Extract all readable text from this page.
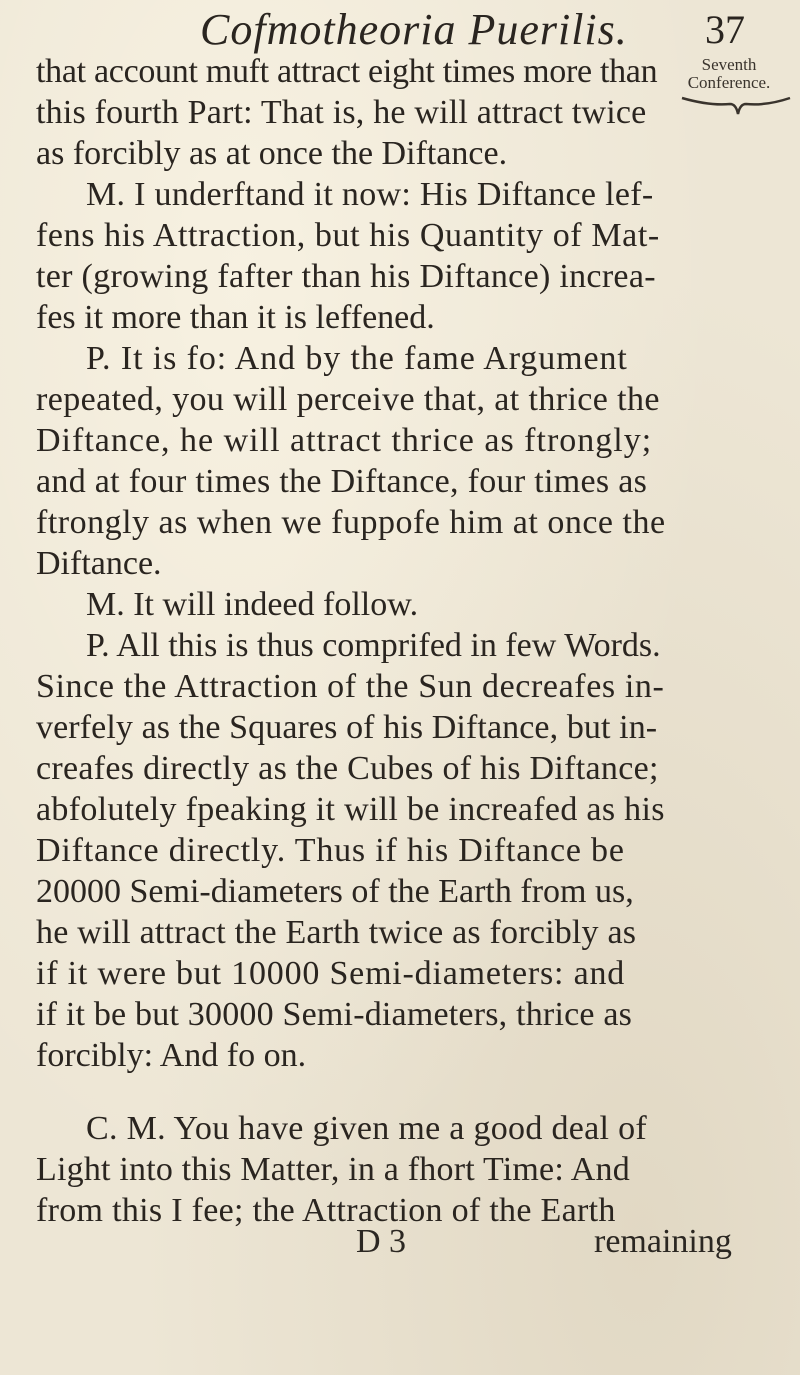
Cofmotheoria Puerilis. 37
Seventh
Conference.
that account muft attract eight times more than
this fourth Part: That is, he will attract twice
as forcibly as at once the Diftance.
M. I underftand it now: His Diftance lef-
fens his Attraction, but his Quantity of Mat-
ter (growing fafter than his Diftance) increa-
fes it more than it is leffened.
P. It is fo: And by the fame Argument
repeated, you will perceive that, at thrice the
Diftance, he will attract thrice as ftrongly;
and at four times the Diftance, four times as
ftrongly as when we fuppofe him at once the
Diftance.
M. It will indeed follow.
P. All this is thus comprifed in few Words.
Since the Attraction of the Sun decreafes in-
verfely as the Squares of his Diftance, but in-
creafes directly as the Cubes of his Diftance;
abfolutely fpeaking it will be increafed as his
Diftance directly. Thus if his Diftance be
20000 Semi-diameters of the Earth from us,
he will attract the Earth twice as forcibly as
if it were but 10000 Semi-diameters: and
if it be but 30000 Semi-diameters, thrice as
forcibly: And fo on.
C. M. You have given me a good deal of
Light into this Matter, in a fhort Time: And
from this I fee; the Attraction of the Earth
D 3	remaining
